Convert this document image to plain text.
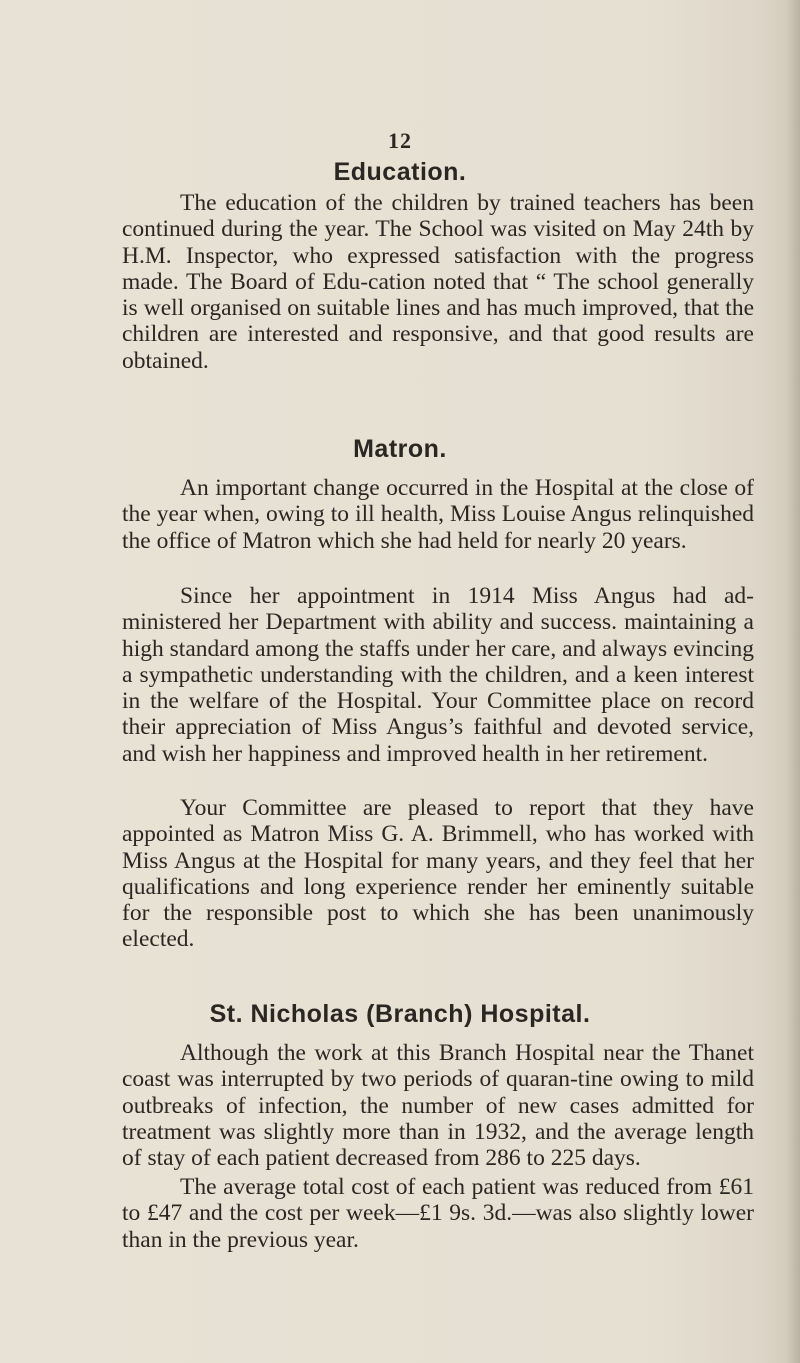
12
Education.

The education of the children by trained teachers has been continued during the year. The School was visited on May 24th by H.M. Inspector, who expressed satisfaction with the progress made. The Board of Edu-cation noted that “ The school generally is well organised on suitable lines and has much improved, that the children are interested and responsive, and that good results are obtained.

Matron.

An important change occurred in the Hospital at the close of the year when, owing to ill health, Miss Louise Angus relinquished the office of Matron which she had held for nearly 20 years.

Since her appointment in 1914 Miss Angus had ad-ministered her Department with ability and success. maintaining a high standard among the staffs under her care, and always evincing a sympathetic understanding with the children, and a keen interest in the welfare of the Hospital. Your Committee place on record their appreciation of Miss Angus’s faithful and devoted service, and wish her happiness and improved health in her retirement.

Your Committee are pleased to report that they have appointed as Matron Miss G. A. Brimmell, who has worked with Miss Angus at the Hospital for many years, and they feel that her qualifications and long experience render her eminently suitable for the responsible post to which she has been unanimously elected.

St. Nicholas (Branch) Hospital.

Although the work at this Branch Hospital near the Thanet coast was interrupted by two periods of quaran-tine owing to mild outbreaks of infection, the number of new cases admitted for treatment was slightly more than in 1932, and the average length of stay of each patient decreased from 286 to 225 days.

The average total cost of each patient was reduced from £61 to £47 and the cost per week—£1 9s. 3d.—was also slightly lower than in the previous year.
